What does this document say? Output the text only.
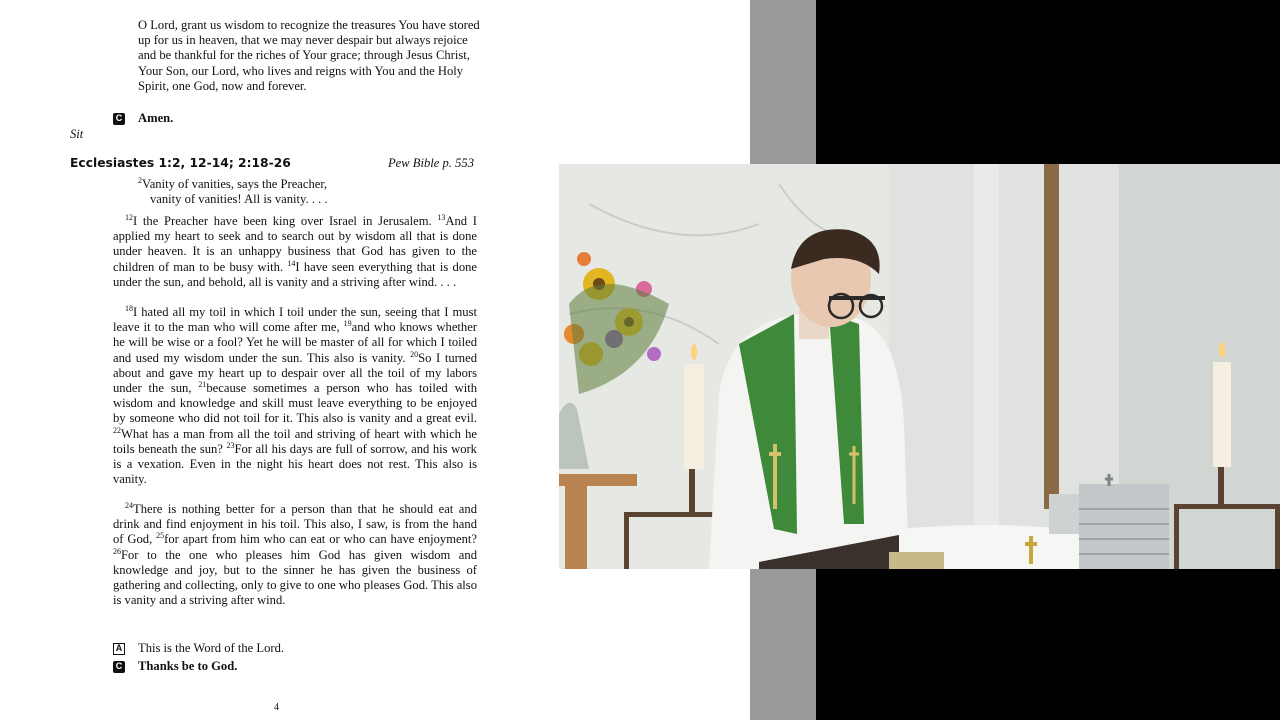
O Lord, grant us wisdom to recognize the treasures You have stored up for us in heaven, that we may never despair but always rejoice and be thankful for the riches of Your grace; through Jesus Christ, Your Son, our Lord, who lives and reigns with You and the Holy Spirit, one God, now and forever.
C Amen.
Sit
Ecclesiastes 1:2, 12-14; 2:18-26	Pew Bible p. 553
$^2$Vanity of vanities, says the Preacher,
vanity of vanities! All is vanity. . . .
$^{12}$I the Preacher have been king over Israel in Jerusalem. $^{13}$And I applied my heart to seek and to search out by wisdom all that is done under heaven. It is an unhappy business that God has given to the children of man to be busy with. $^{14}$I have seen everything that is done under the sun, and behold, all is vanity and a striving after wind. . . .
$^{18}$I hated all my toil in which I toil under the sun, seeing that I must leave it to the man who will come after me, $^{19}$and who knows whether he will be wise or a fool? Yet he will be master of all for which I toiled and used my wisdom under the sun. This also is vanity. $^{20}$So I turned about and gave my heart up to despair over all the toil of my labors under the sun, $^{21}$because sometimes a person who has toiled with wisdom and knowledge and skill must leave everything to be enjoyed by someone who did not toil for it. This also is vanity and a great evil. $^{22}$What has a man from all the toil and striving of heart with which he toils beneath the sun? $^{23}$For all his days are full of sorrow, and his work is a vexation. Even in the night his heart does not rest. This also is vanity.
$^{24}$There is nothing better for a person than that he should eat and drink and find enjoyment in his toil. This also, I saw, is from the hand of God, $^{25}$for apart from him who can eat or who can have enjoyment? $^{26}$For to the one who pleases him God has given wisdom and knowledge and joy, but to the sinner he has given the business of gathering and collecting, only to give to one who pleases God. This also is vanity and a striving after wind.
A This is the Word of the Lord.
C Thanks be to God.
4
